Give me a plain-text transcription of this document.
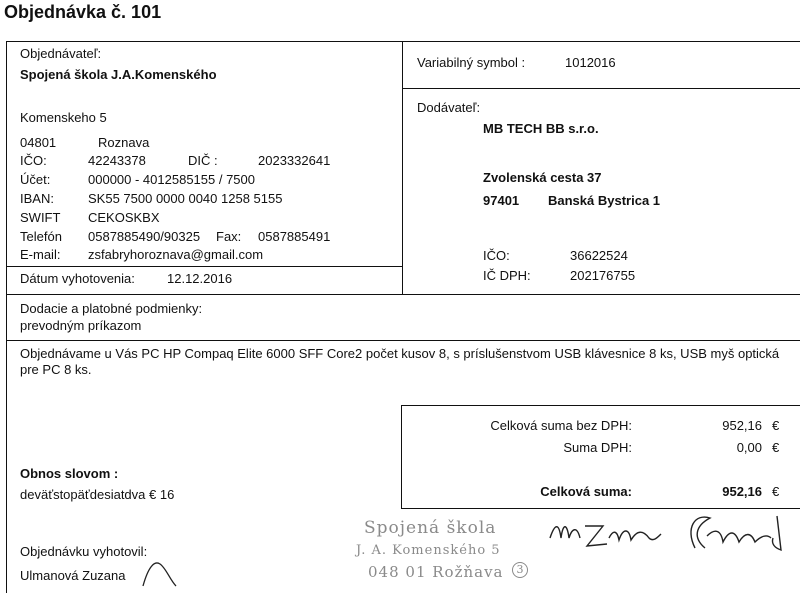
Objednávka č. 101
Objednávateľ:
Spojená škola J.A.Komenského
Komenskeho 5
04801	Roznava
IČO:	42243378	DIČ :	2023332641
Účet:	000000 - 4012585155 / 7500
IBAN:	SK55 7500 0000 0040 1258 5155
SWIFT CEKOSKBX
Telefón 0587885490/90325 Fax: 0587885491
E-mail: zsfabryhoroznava@gmail.com
Dátum vyhotovenia: 12.12.2016
Variabilný symbol :	1012016
Dodávateľ:
MB TECH BB s.r.o.
Zvolenská cesta 37
97401 Banská Bystrica 1
IČO:	36622524
IČ DPH:	202176755
Dodacie a platobné podmienky:
prevodným príkazom
Objednávame u Vás PC HP Compaq Elite 6000 SFF Core2 počet kusov 8, s príslušenstvom USB klávesnice 8 ks, USB myš optická pre PC 8 ks.
Celková suma bez DPH:	952,16 €
Suma DPH:	0,00 €
Celková suma:	952,16 €
Obnos slovom :
deväťstopäťdesiatdva € 16
Objednávku vyhotovil:
Ulmanová Zuzana
Spojená škola
J. A. Komenského 5
048 01 Rožňava	3
